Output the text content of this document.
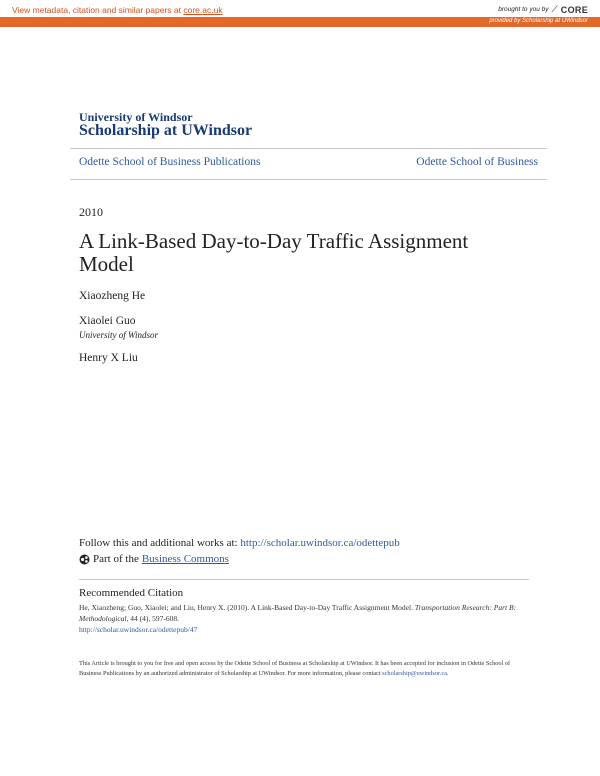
View metadata, citation and similar papers at core.ac.uk	brought to you by ⟋ CORE
provided by Scholarship at UWindsor
University of Windsor
Scholarship at UWindsor
Odette School of Business Publications	Odette School of Business
2010
A Link-Based Day-to-Day Traffic Assignment Model
Xiaozheng He
Xiaolei Guo
University of Windsor
Henry X Liu
Follow this and additional works at: http://scholar.uwindsor.ca/odettepub
Part of the Business Commons
Recommended Citation
He, Xiaozheng; Guo, Xiaolei; and Liu, Henry X. (2010). A Link-Based Day-to-Day Traffic Assignment Model. Transportation Research: Part B: Methodological, 44 (4), 597-608.
http://scholar.uwindsor.ca/odettepub/47
This Article is brought to you for free and open access by the Odette School of Business at Scholarship at UWindsor. It has been accepted for inclusion in Odette School of Business Publications by an authorized administrator of Scholarship at UWindsor. For more information, please contact scholarship@uwindsor.ca.
